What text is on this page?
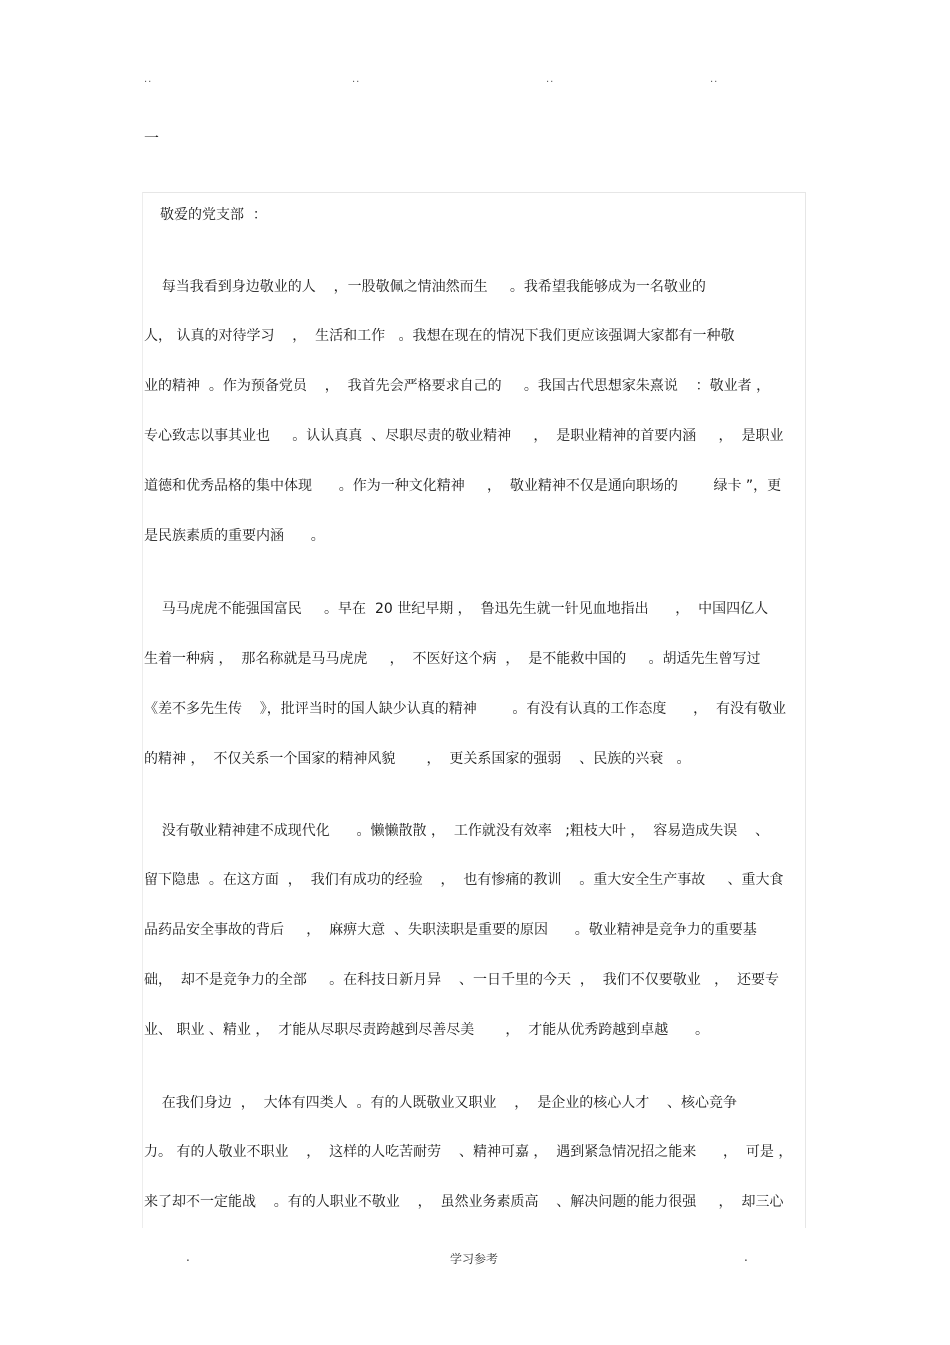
..	..	..	..
一
敬爱的党支部  ：
每当我看到身边敬业的人    ，一股敬佩之情油然而生     。我希望我能够成为一名敬业的
人， 认真的对待学习    ，  生活和工作   。我想在现在的情况下我们更应该强调大家都有一种敬
业的精神  。作为预备党员    ，  我首先会严格要求自己的     。我国古代思想家朱熹说    ：敬业者 ，
专心致志以事其业也     。认认真真  、尽职尽责的敬业精神     ，  是职业精神的首要内涵     ，  是职业
道德和优秀品格的集中体现      。作为一种文化精神     ，  敬业精神不仅是通向职场的        绿卡 ”，更
是民族素质的重要内涵      。
马马虎虎不能强国富民     。早在  20 世纪早期 ，  鲁迅先生就一针见血地指出      ，  中国四亿人
生着一种病 ，  那名称就是马马虎虎     ，  不医好这个病  ，  是不能救中国的     。胡适先生曾写过
《差不多先生传    》，批评当时的国人缺少认真的精神        。有没有认真的工作态度      ，  有没有敬业
的精神 ，  不仅关系一个国家的精神风貌       ，  更关系国家的强弱    、民族的兴衰   。
没有敬业精神建不成现代化      。懒懒散散 ，  工作就没有效率   ;粗枝大叶 ，  容易造成失误    、
留下隐患  。在这方面  ，  我们有成功的经验    ，  也有惨痛的教训    。重大安全生产事故     、重大食
品药品安全事故的背后     ，  麻痹大意  、失职渎职是重要的原因      。敬业精神是竞争力的重要基
础，  却不是竞争力的全部     。在科技日新月异    、一日千里的今天  ，  我们不仅要敬业   ，  还要专
业、 职业 、精业 ，  才能从尽职尽责跨越到尽善尽美       ，  才能从优秀跨越到卓越      。
在我们身边  ，  大体有四类人  。有的人既敬业又职业    ，  是企业的核心人才    、核心竞争
力。 有的人敬业不职业    ，  这样的人吃苦耐劳    、精神可嘉 ，  遇到紧急情况招之能来      ，  可是 ，
来了却不一定能战    。有的人职业不敬业    ，  虽然业务素质高    、解决问题的能力很强     ，  却三心
.	学习参考	.
